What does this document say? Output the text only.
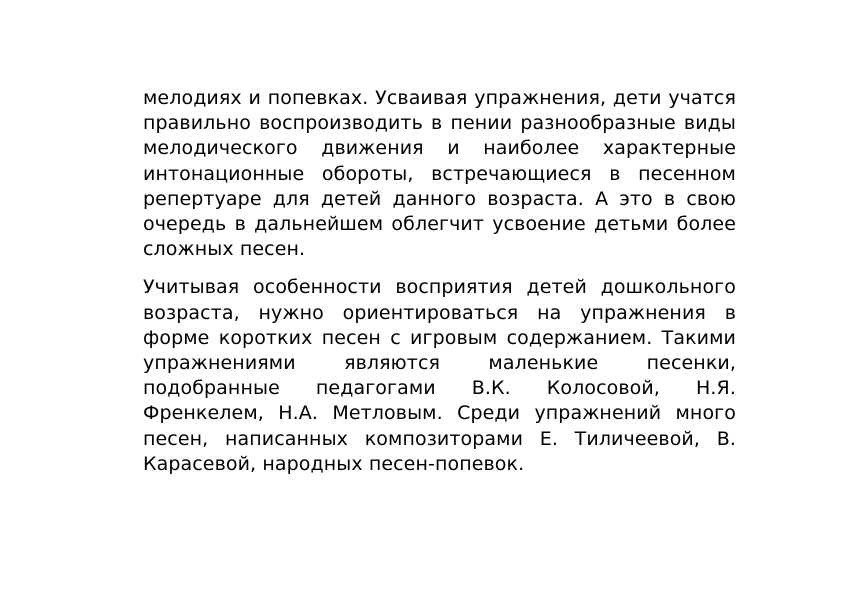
мелодиях и попевках. Усваивая упражнения, дети учатся правильно воспроизводить в пении разнообразные виды мелодического движения и наиболее характерные интонационные обороты, встречающиеся в песенном репертуаре для детей данного возраста. А это в свою очередь в дальнейшем облегчит усвоение детьми более сложных песен.

Учитывая особенности восприятия детей дошкольного возраста, нужно ориентироваться на упражнения в форме коротких песен с игровым содержанием. Такими упражнениями являются маленькие песенки, подобранные педагогами В.К. Колосовой, Н.Я. Френкелем, Н.А. Метловым. Среди упражнений много песен, написанных композиторами Е. Тиличеевой, В. Карасевой, народных песен-попевок.
